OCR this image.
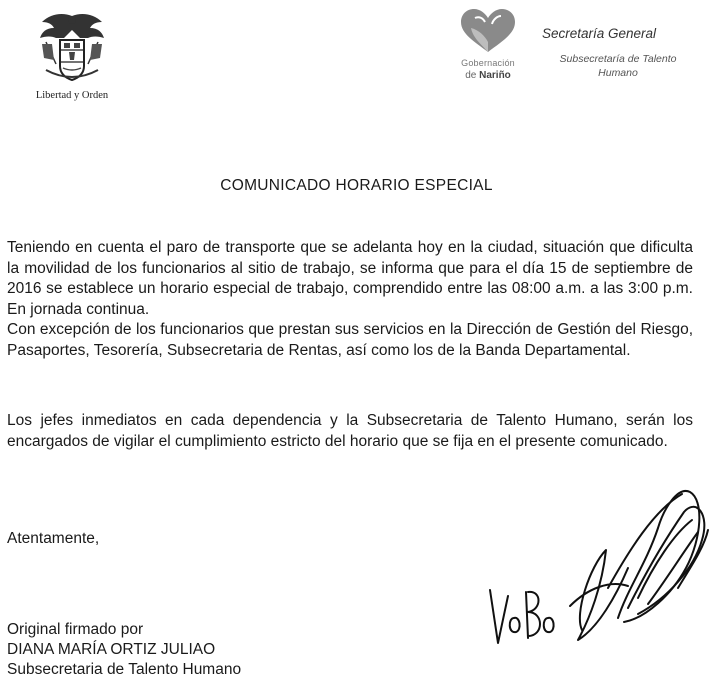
Libertad y Orden
Gobernación
de Nariño
Secretaría General
Subsecretaría de Talento
Humano
COMUNICADO HORARIO ESPECIAL
Teniendo en cuenta el paro de transporte que se adelanta hoy en la ciudad, situación que dificulta la movilidad de los funcionarios al sitio de trabajo, se informa que para el día 15 de septiembre de 2016 se establece un horario especial de trabajo, comprendido entre las 08:00 a.m. a las 3:00 p.m. En jornada continua.
Con excepción de los funcionarios que prestan sus servicios en la Dirección de Gestión del Riesgo, Pasaportes, Tesorería, Subsecretaria de Rentas, así como los de la Banda Departamental.
Los jefes inmediatos en cada dependencia y la Subsecretaria de Talento Humano, serán los encargados de vigilar el cumplimiento estricto del horario que se fija en el presente comunicado.
Atentamente,
Original firmado por
DIANA MARÍA ORTIZ JULIAO
Subsecretaria de Talento Humano
